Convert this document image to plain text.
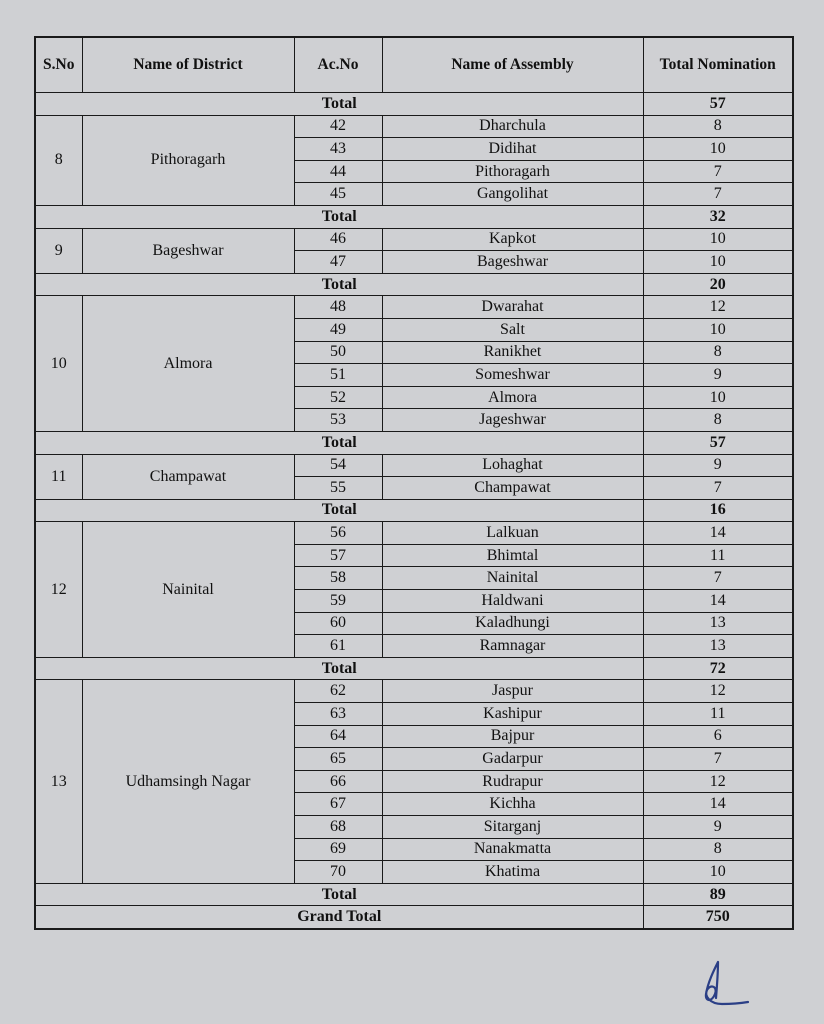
S.No	Name of District	Ac.No	Name of Assembly	Total Nomination
Total				57
8	Pithoragarh	42	Dharchula	8
		43	Didihat	10
		44	Pithoragarh	7
		45	Gangolihat	7
Total				32
9	Bageshwar	46	Kapkot	10
		47	Bageshwar	10
Total				20
10	Almora	48	Dwarahat	12
		49	Salt	10
		50	Ranikhet	8
		51	Someshwar	9
		52	Almora	10
		53	Jageshwar	8
Total				57
11	Champawat	54	Lohaghat	9
		55	Champawat	7
Total				16
12	Nainital	56	Lalkuan	14
		57	Bhimtal	11
		58	Nainital	7
		59	Haldwani	14
		60	Kaladhungi	13
		61	Ramnagar	13
Total				72
13	Udhamsingh Nagar	62	Jaspur	12
		63	Kashipur	11
		64	Bajpur	6
		65	Gadarpur	7
		66	Rudrapur	12
		67	Kichha	14
		68	Sitarganj	9
		69	Nanakmatta	8
		70	Khatima	10
Total				89
Grand Total				750
